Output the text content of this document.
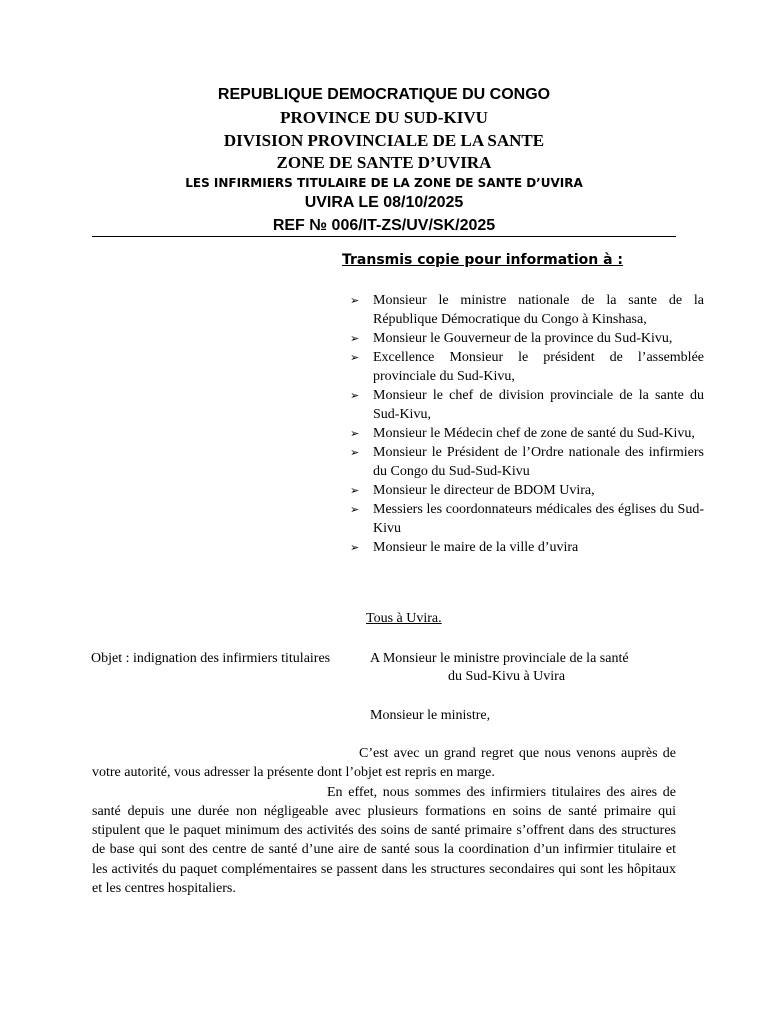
REPUBLIQUE DEMOCRATIQUE DU CONGO
PROVINCE DU SUD-KIVU
DIVISION PROVINCIALE DE LA SANTE
ZONE DE SANTE D’UVIRA
LES INFIRMIERS TITULAIRE DE LA ZONE DE SANTE D’UVIRA
UVIRA LE 08/10/2025
REF № 006/IT-ZS/UV/SK/2025
Transmis copie pour information à :
➢ Monsieur le ministre nationale de la sante de la République Démocratique du Congo à Kinshasa,
➢ Monsieur le Gouverneur de la province du Sud-Kivu,
➢ Excellence Monsieur le président de l’assemblée provinciale du Sud-Kivu,
➢ Monsieur le chef de division provinciale de la sante du Sud-Kivu,
➢ Monsieur le Médecin chef de zone de santé du Sud-Kivu,
➢ Monsieur le Président de l’Ordre nationale des infirmiers du Congo du Sud-Sud-Kivu
➢ Monsieur le directeur de BDOM Uvira,
➢ Messiers les coordonnateurs médicales des églises du Sud-Kivu
➢ Monsieur le maire de la ville d’uvira
Tous à Uvira.
Objet : indignation des infirmiers titulaires	A Monsieur le ministre provinciale de la santé
du Sud-Kivu à Uvira
Monsieur le ministre,

C’est avec un grand regret que nous venons auprès de votre autorité, vous adresser la présente dont l’objet est repris en marge.

En effet, nous sommes des infirmiers titulaires des aires de santé depuis une durée non négligeable avec plusieurs formations en soins de santé primaire qui stipulent que le paquet minimum des activités des soins de santé primaire s’offrent dans des structures de base qui sont des centre de santé d’une aire de santé sous la coordination d’un infirmier titulaire et les activités du paquet complémentaires se passent dans les structures secondaires qui sont les hôpitaux et les centres hospitaliers.
